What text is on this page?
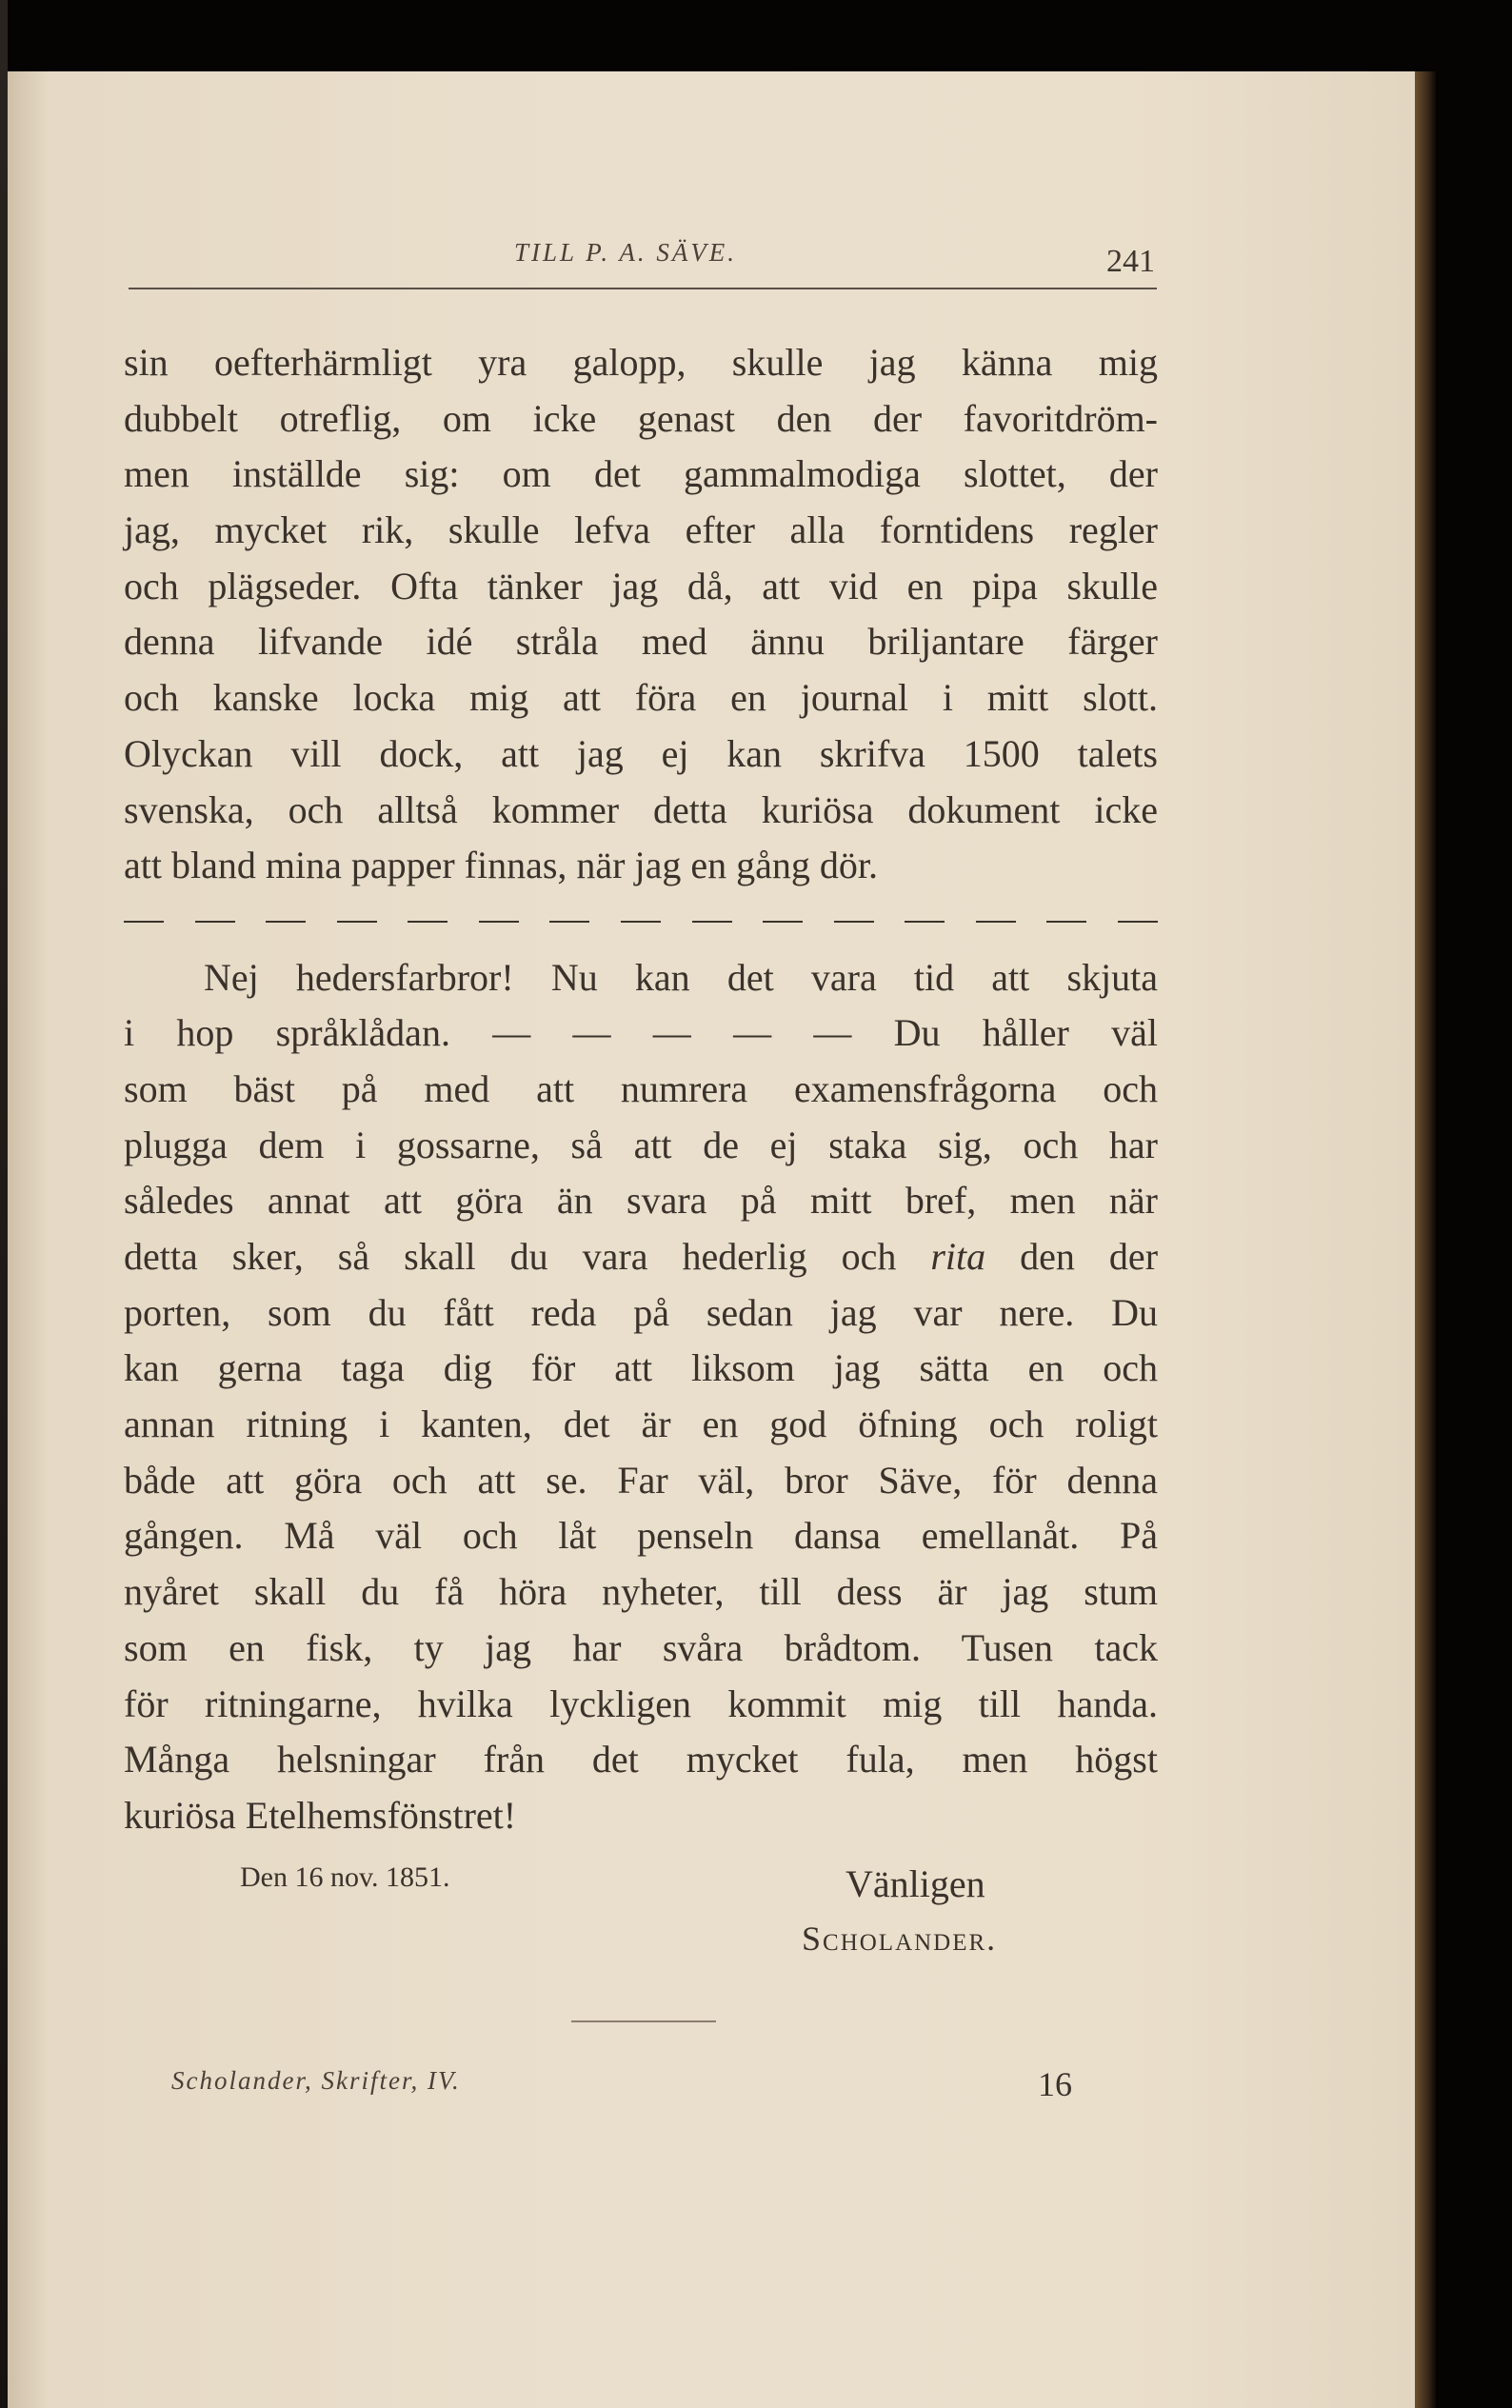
TILL P. A. SÄVE.	241
sin oefterhärmligt yra galopp, skulle jag känna mig
dubbelt otreflig, om icke genast den der favoritdröm-
men inställde sig: om det gammalmodiga slottet, der
jag, mycket rik, skulle lefva efter alla forntidens regler
och plägseder. Ofta tänker jag då, att vid en pipa skulle
denna lifvande idé stråla med ännu briljantare färger
och kanske locka mig att föra en journal i mitt slott.
Olyckan vill dock, att jag ej kan skrifva 1500 talets
svenska, och alltså kommer detta kuriösa dokument icke
att bland mina papper finnas, när jag en gång dör.
Nej hedersfarbror! Nu kan det vara tid att skjuta
i hop språklådan. — — — — — Du håller väl
som bäst på med att numrera examensfrågorna och
plugga dem i gossarne, så att de ej staka sig, och har
således annat att göra än svara på mitt bref, men när
detta sker, så skall du vara hederlig och rita den der
porten, som du fått reda på sedan jag var nere. Du
kan gerna taga dig för att liksom jag sätta en och
annan ritning i kanten, det är en god öfning och roligt
både att göra och att se. Far väl, bror Säve, för denna
gången. Må väl och låt penseln dansa emellanåt. På
nyåret skall du få höra nyheter, till dess är jag stum
som en fisk, ty jag har svåra brådtom. Tusen tack
för ritningarne, hvilka lyckligen kommit mig till handa.
Många helsningar från det mycket fula, men högst
kuriösa Etelhemsfönstret!
Den 16 nov. 1851.	Vänligen
Scholander.
Scholander, Skrifter, IV.	16
